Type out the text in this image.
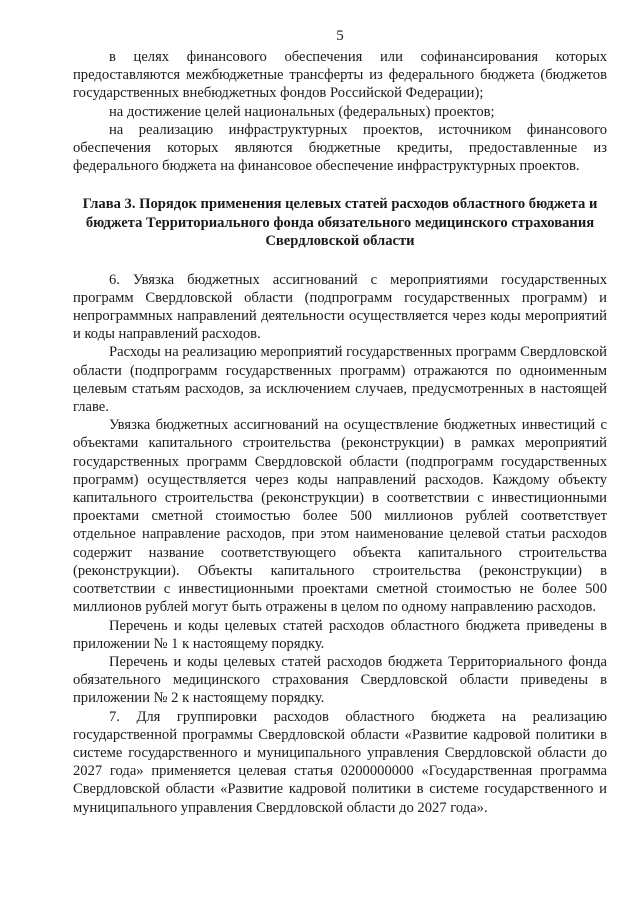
5

в целях финансового обеспечения или софинансирования которых предоставляются межбюджетные трансферты из федерального бюджета (бюджетов государственных внебюджетных фондов Российской Федерации);

на достижение целей национальных (федеральных) проектов;

на реализацию инфраструктурных проектов, источником финансового обеспечения которых являются бюджетные кредиты, предоставленные из федерального бюджета на финансовое обеспечение инфраструктурных проектов.

Глава 3. Порядок применения целевых статей расходов областного бюджета и бюджета Территориального фонда обязательного медицинского страхования Свердловской области

6. Увязка бюджетных ассигнований с мероприятиями государственных программ Свердловской области (подпрограмм государственных программ) и непрограммных направлений деятельности осуществляется через коды мероприятий и коды направлений расходов.

Расходы на реализацию мероприятий государственных программ Свердловской области (подпрограмм государственных программ) отражаются по одноименным целевым статьям расходов, за исключением случаев, предусмотренных в настоящей главе.

Увязка бюджетных ассигнований на осуществление бюджетных инвестиций с объектами капитального строительства (реконструкции) в рамках мероприятий государственных программ Свердловской области (подпрограмм государственных программ) осуществляется через коды направлений расходов. Каждому объекту капитального строительства (реконструкции) в соответствии с инвестиционными проектами сметной стоимостью более 500 миллионов рублей соответствует отдельное направление расходов, при этом наименование целевой статьи расходов содержит название соответствующего объекта капитального строительства (реконструкции). Объекты капитального строительства (реконструкции) в соответствии с инвестиционными проектами сметной стоимостью не более 500 миллионов рублей могут быть отражены в целом по одному направлению расходов.

Перечень и коды целевых статей расходов областного бюджета приведены в приложении № 1 к настоящему порядку.

Перечень и коды целевых статей расходов бюджета Территориального фонда обязательного медицинского страхования Свердловской области приведены в приложении № 2 к настоящему порядку.

7. Для группировки расходов областного бюджета на реализацию государственной программы Свердловской области «Развитие кадровой политики в системе государственного и муниципального управления Свердловской области до 2027 года» применяется целевая статья 0200000000 «Государственная программа Свердловской области «Развитие кадровой политики в системе государственного и муниципального управления Свердловской области до 2027 года».
